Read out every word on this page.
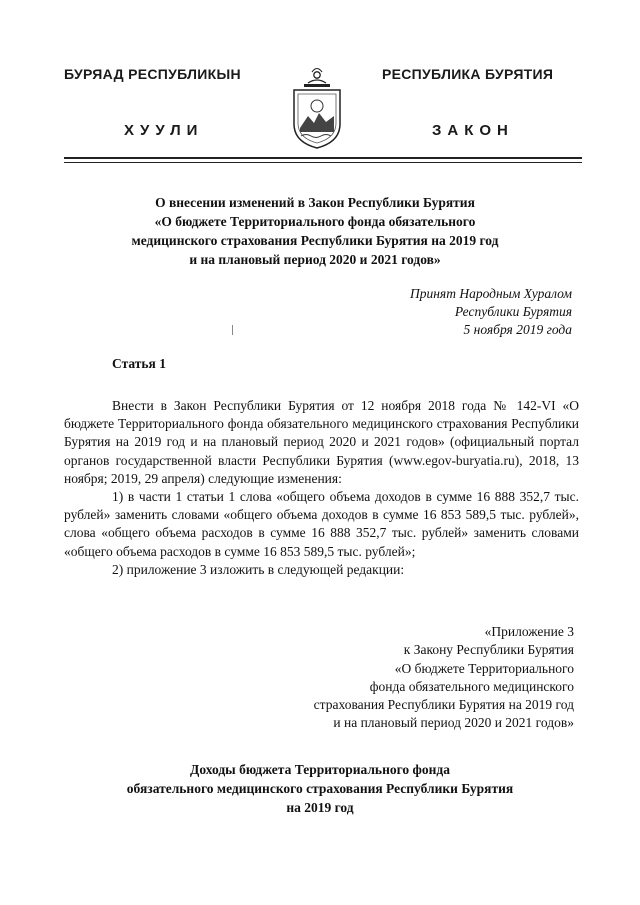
БУРЯАД РЕСПУБЛИКЫН
ХУУЛИ
РЕСПУБЛИКА БУРЯТИЯ
ЗАКОН
О внесении изменений в Закон Республики Бурятия
«О бюджете Территориального фонда обязательного
медицинского страхования Республики Бурятия на 2019 год
и на плановый период 2020 и 2021 годов»
Принят Народным Хуралом
Республики Бурятия
5 ноября 2019 года
Статья 1

Внести в Закон Республики Бурятия от 12 ноября 2018 года № 142-VI «О бюджете Территориального фонда обязательного медицинского страхования Республики Бурятия на 2019 год и на плановый период 2020 и 2021 годов» (официальный портал органов государственной власти Республики Бурятия (www.egov-buryatia.ru), 2018, 13 ноября; 2019, 29 апреля) следующие изменения:

1) в части 1 статьи 1 слова «общего объема доходов в сумме 16 888 352,7 тыс. рублей» заменить словами «общего объема доходов в сумме 16 853 589,5 тыс. рублей», слова «общего объема расходов в сумме 16 888 352,7 тыс. рублей» заменить словами «общего объема расходов в сумме 16 853 589,5 тыс. рублей»;

2) приложение 3 изложить в следующей редакции:

«Приложение 3
к Закону Республики Бурятия
«О бюджете Территориального
фонда обязательного медицинского
страхования Республики Бурятия на 2019 год
и на плановый период 2020 и 2021 годов»
Доходы бюджета Территориального фонда
обязательного медицинского страхования Республики Бурятия
на 2019 год
